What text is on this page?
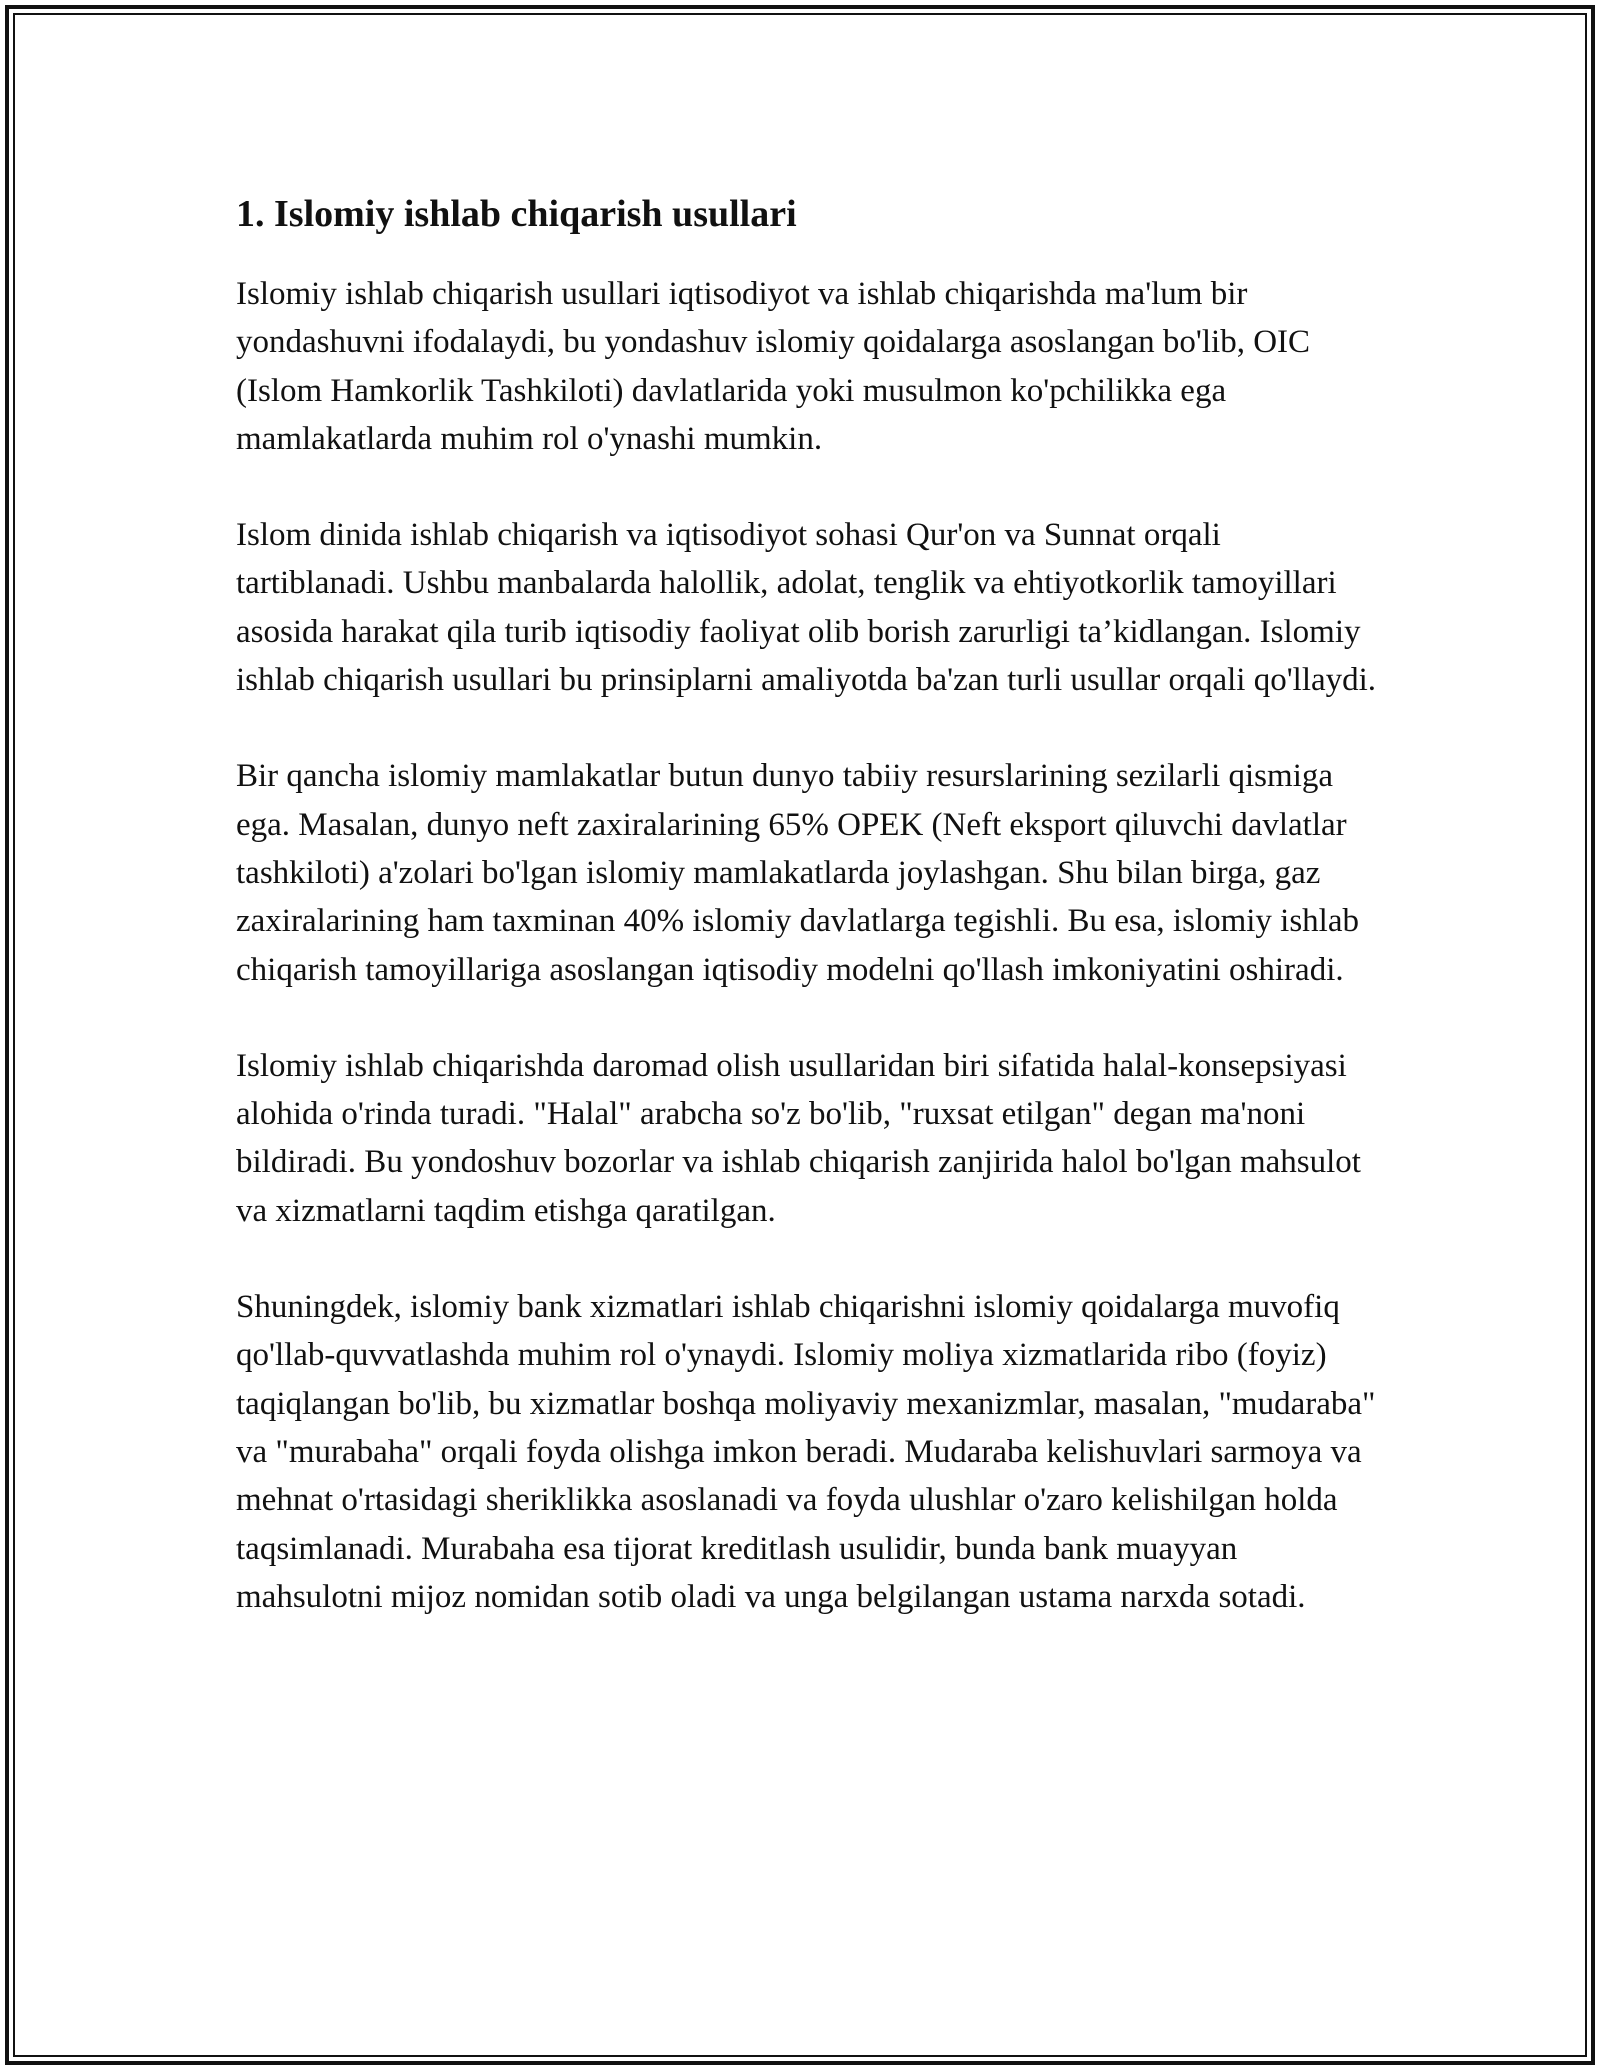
1. Islomiy ishlab chiqarish usullari

Islomiy ishlab chiqarish usullari iqtisodiyot va ishlab chiqarishda ma'lum bir yondashuvni ifodalaydi, bu yondashuv islomiy qoidalarga asoslangan bo'lib, OIC (Islom Hamkorlik Tashkiloti) davlatlarida yoki musulmon ko'pchilikka ega mamlakatlarda muhim rol o'ynashi mumkin.

Islom dinida ishlab chiqarish va iqtisodiyot sohasi Qur'on va Sunnat orqali tartiblanadi. Ushbu manbalarda halollik, adolat, tenglik va ehtiyotkorlik tamoyillari asosida harakat qila turib iqtisodiy faoliyat olib borish zarurligi ta’kidlangan. Islomiy ishlab chiqarish usullari bu prinsiplarni amaliyotda ba'zan turli usullar orqali qo'llaydi.

Bir qancha islomiy mamlakatlar butun dunyo tabiiy resurslarining sezilarli qismiga ega. Masalan, dunyo neft zaxiralarining 65% OPEK (Neft eksport qiluvchi davlatlar tashkiloti) a'zolari bo'lgan islomiy mamlakatlarda joylashgan. Shu bilan birga, gaz zaxiralarining ham taxminan 40% islomiy davlatlarga tegishli. Bu esa, islomiy ishlab chiqarish tamoyillariga asoslangan iqtisodiy modelni qo'llash imkoniyatini oshiradi.

Islomiy ishlab chiqarishda daromad olish usullaridan biri sifatida halal-konsepsiyasi alohida o'rinda turadi. "Halal" arabcha so'z bo'lib, "ruxsat etilgan" degan ma'noni bildiradi. Bu yondoshuv bozorlar va ishlab chiqarish zanjirida halol bo'lgan mahsulot va xizmatlarni taqdim etishga qaratilgan.

Shuningdek, islomiy bank xizmatlari ishlab chiqarishni islomiy qoidalarga muvofiq qo'llab-quvvatlashda muhim rol o'ynaydi. Islomiy moliya xizmatlarida ribo (foyiz) taqiqlangan bo'lib, bu xizmatlar boshqa moliyaviy mexanizmlar, masalan, "mudaraba" va "murabaha" orqali foyda olishga imkon beradi. Mudaraba kelishuvlari sarmoya va mehnat o'rtasidagi sheriklikka asoslanadi va foyda ulushlar o'zaro kelishilgan holda taqsimlanadi. Murabaha esa tijorat kreditlash usulidir, bunda bank muayyan mahsulotni mijoz nomidan sotib oladi va unga belgilangan ustama narxda sotadi.
